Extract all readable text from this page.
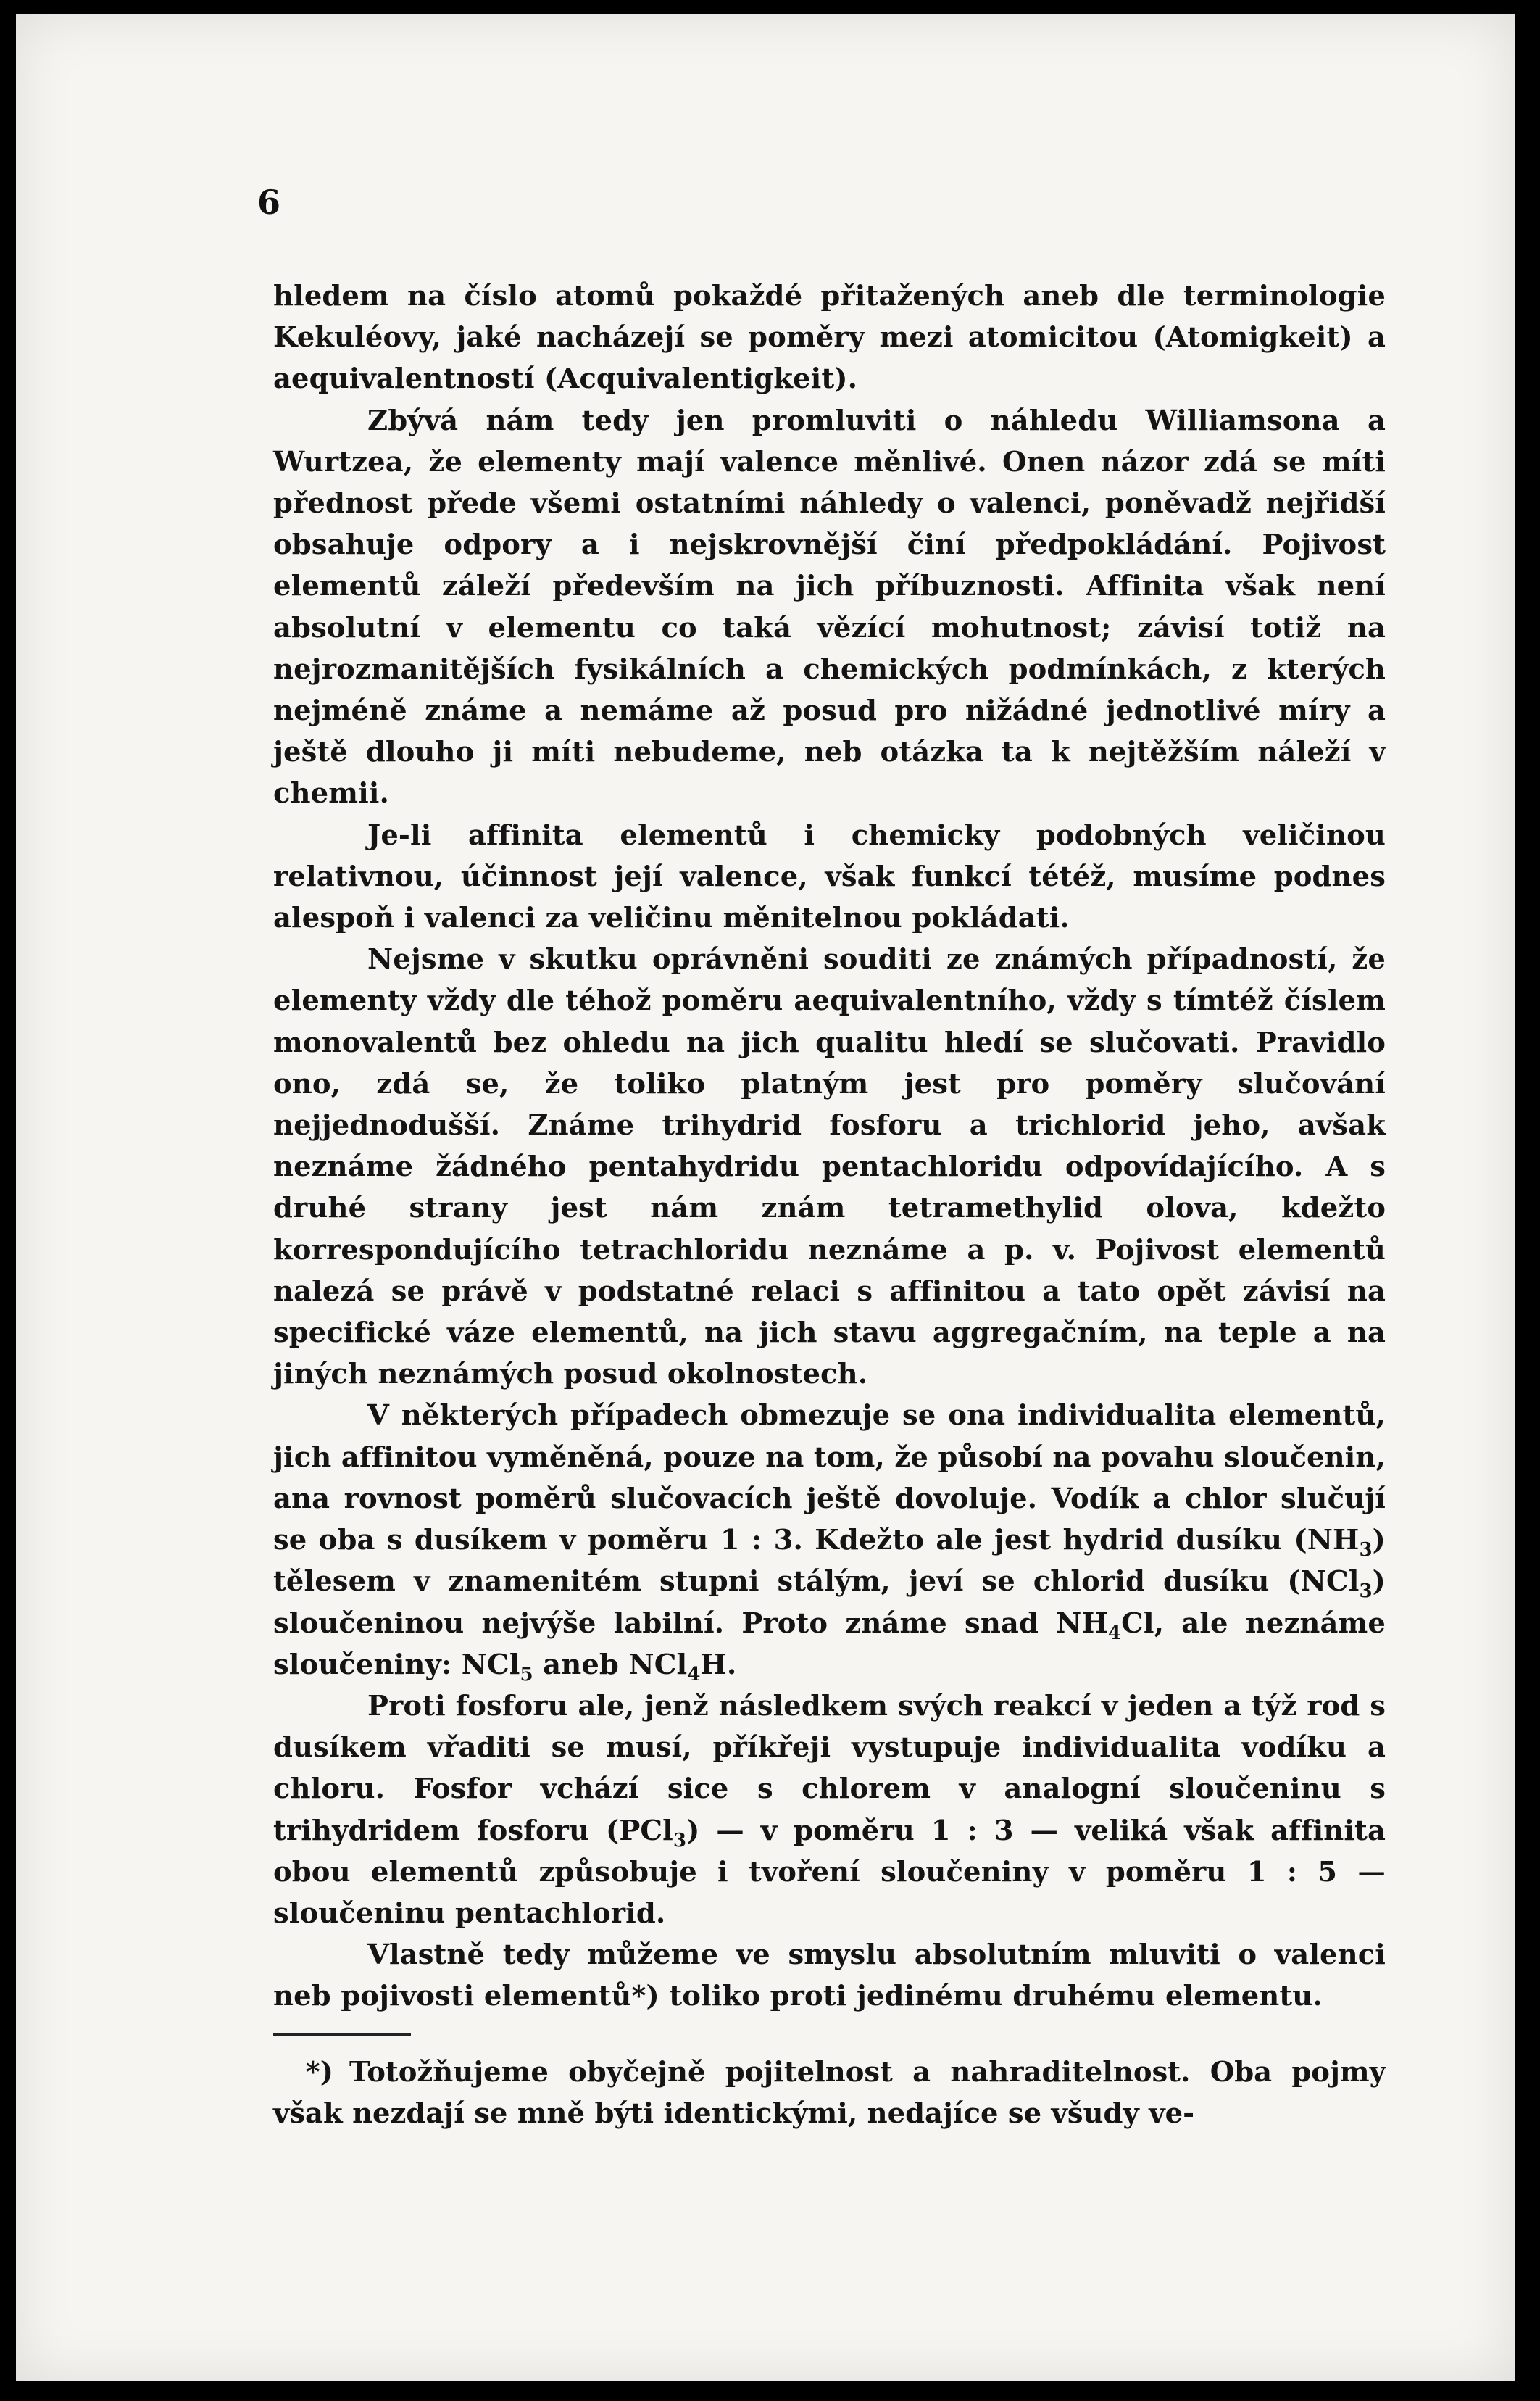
6

hledem na číslo atomů pokaždé přitažených aneb dle terminologie Kekuléovy, jaké nacházejí se poměry mezi atomicitou (Atomigkeit) a aequivalentností (Acquivalentigkeit).

Zbývá nám tedy jen promluviti o náhledu Williamsona a Wurtzea, že elementy mají valence měnlivé. Onen názor zdá se míti přednost přede všemi ostatními náhledy o valenci, poněvadž nejřidší obsahuje odpory a i nejskrovnější činí předpokládání. Pojivost elementů záleží především na jich příbuznosti. Affinita však není absolutní v elementu co taká vězící mohutnost; závisí totiž na nejrozmanitějších fysikálních a chemických podmínkách, z kterých nejméně známe a nemáme až posud pro nižádné jednotlivé míry a ještě dlouho ji míti nebudeme, neb otázka ta k nejtěžším náleží v chemii.

Je-li affinita elementů i chemicky podobných veličinou relativnou, účinnost její valence, však funkcí tétéž, musíme podnes alespoň i valenci za veličinu měnitelnou pokládati.

Nejsme v skutku oprávněni souditi ze známých případností, že elementy vždy dle téhož poměru aequivalentního, vždy s tímtéž číslem monovalentů bez ohledu na jich qualitu hledí se slučovati. Pravidlo ono, zdá se, že toliko platným jest pro poměry slučování nejjednodušší. Známe trihydrid fosforu a trichlorid jeho, avšak neznáme žádného pentahydridu pentachloridu odpovídajícího. A s druhé strany jest nám znám tetramethylid olova, kdežto korrespondujícího tetrachloridu neznáme a p. v. Pojivost elementů nalezá se právě v podstatné relaci s affinitou a tato opět závisí na specifické váze elementů, na jich stavu aggregačním, na teple a na jiných neznámých posud okolnostech.

V některých případech obmezuje se ona individualita elementů, jich affinitou vyměněná, pouze na tom, že působí na povahu sloučenin, ana rovnost poměrů slučovacích ještě dovoluje. Vodík a chlor slučují se oba s dusíkem v poměru 1 : 3. Kdežto ale jest hydrid dusíku $(NH_3)$ tělesem v znamenitém stupni stálým, jeví se chlorid dusíku (NCl$_3$) sloučeninou nejvýše labilní. Proto známe snad $NH_4Cl$, ale neznáme sloučeniny: NCl$_5$ aneb NCl$_4$H.

Proti fosforu ale, jenž následkem svých reakcí v jeden a týž rod s dusíkem vřaditi se musí, příkřeji vystupuje individualita vodíku a chloru. Fosfor vchází sice s chlorem v analogní sloučeninu s trihydridem fosforu (PCl$_3$) — v poměru 1 : 3 — veliká však affinita obou elementů způsobuje i tvoření sloučeniny v poměru 1 : 5 — sloučeninu pentachlorid.

Vlastně tedy můžeme ve smyslu absolutním mluviti o valenci neb pojivosti elementů*) toliko proti jedinému druhému elementu.

*) Totožňujeme obyčejně pojitelnost a nahraditelnost. Oba pojmy však nezdají se mně býti identickými, nedajíce se všudy ve-
